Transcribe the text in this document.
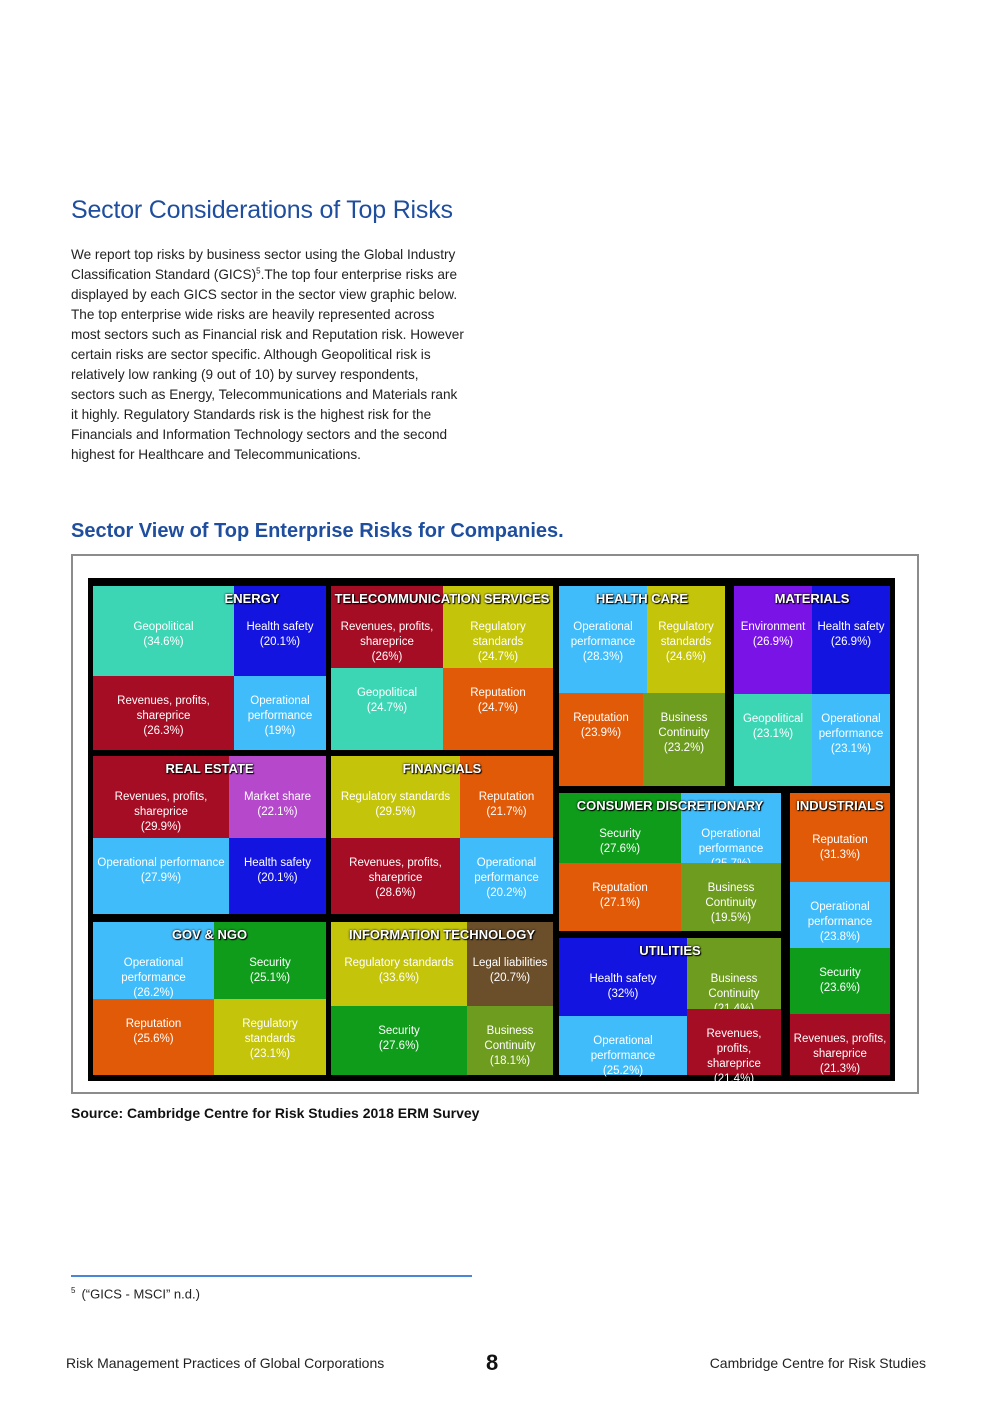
Sector Considerations of Top Risks
We report top risks by business sector using the Global Industry Classification Standard (GICS)$^5$.The top four enterprise risks are displayed by each GICS sector in the sector view graphic below. The top enterprise wide risks are heavily represented across most sectors such as Financial risk and Reputation risk. However certain risks are sector specific. Although Geopolitical risk is relatively low ranking (9 out of 10) by survey respondents, sectors such as Energy, Telecommunications and Materials rank it highly. Regulatory Standards risk is the highest risk for the Financials and Information Technology sectors and the second highest for Healthcare and Telecommunications.
Sector View of Top Enterprise Risks for Companies.
Geopolitical
(34.6%)
Health safety
(20.1%)
Revenues, profits, shareprice
(26.3%)
Operational performance
(19%)
ENERGY
Revenues, profits, shareprice
(26%)
Regulatory standards
(24.7%)
Geopolitical
(24.7%)
Reputation
(24.7%)
TELECOMMUNICATION SERVICES
Operational performance
(28.3%)
Regulatory standards
(24.6%)
Reputation
(23.9%)
Business Continuity
(23.2%)
HEALTH CARE
Environment
(26.9%)
Health safety
(26.9%)
Geopolitical
(23.1%)
Operational performance
(23.1%)
MATERIALS
Revenues, profits, shareprice
(29.9%)
Market share
(22.1%)
Operational performance
(27.9%)
Health safety
(20.1%)
REAL ESTATE
Regulatory standards
(29.5%)
Reputation
(21.7%)
Revenues, profits, shareprice
(28.6%)
Operational performance
(20.2%)
FINANCIALS
Security
(27.6%)
Operational performance
Reputation
(27.1%)
Business Continuity
(19.5%)
CONSUMER DISCRETIONARY
Reputation
(31.3%)
Operational performance
(23.8%)
Security
(23.6%)
Revenues, profits, shareprice
(21.3%)
INDUSTRIALS
Operational performance
(26.2%)
Security
(25.1%)
Reputation
(25.6%)
Regulatory standards
(23.1%)
GOV & NGO
Regulatory standards
(33.6%)
Legal liabilities
(20.7%)
Security
(27.6%)
Business Continuity
(18.1%)
INFORMATION TECHNOLOGY
Health safety
(32%)
Business Continuity
Operational performance
(25.2%)
Revenues, profits, shareprice
(21.4%)
UTILITIES
Source: Cambridge Centre for Risk Studies 2018 ERM Survey
$^5$ (“GICS - MSCI” n.d.)
Risk Management Practices of Global Corporations	8	Cambridge Centre for Risk Studies
